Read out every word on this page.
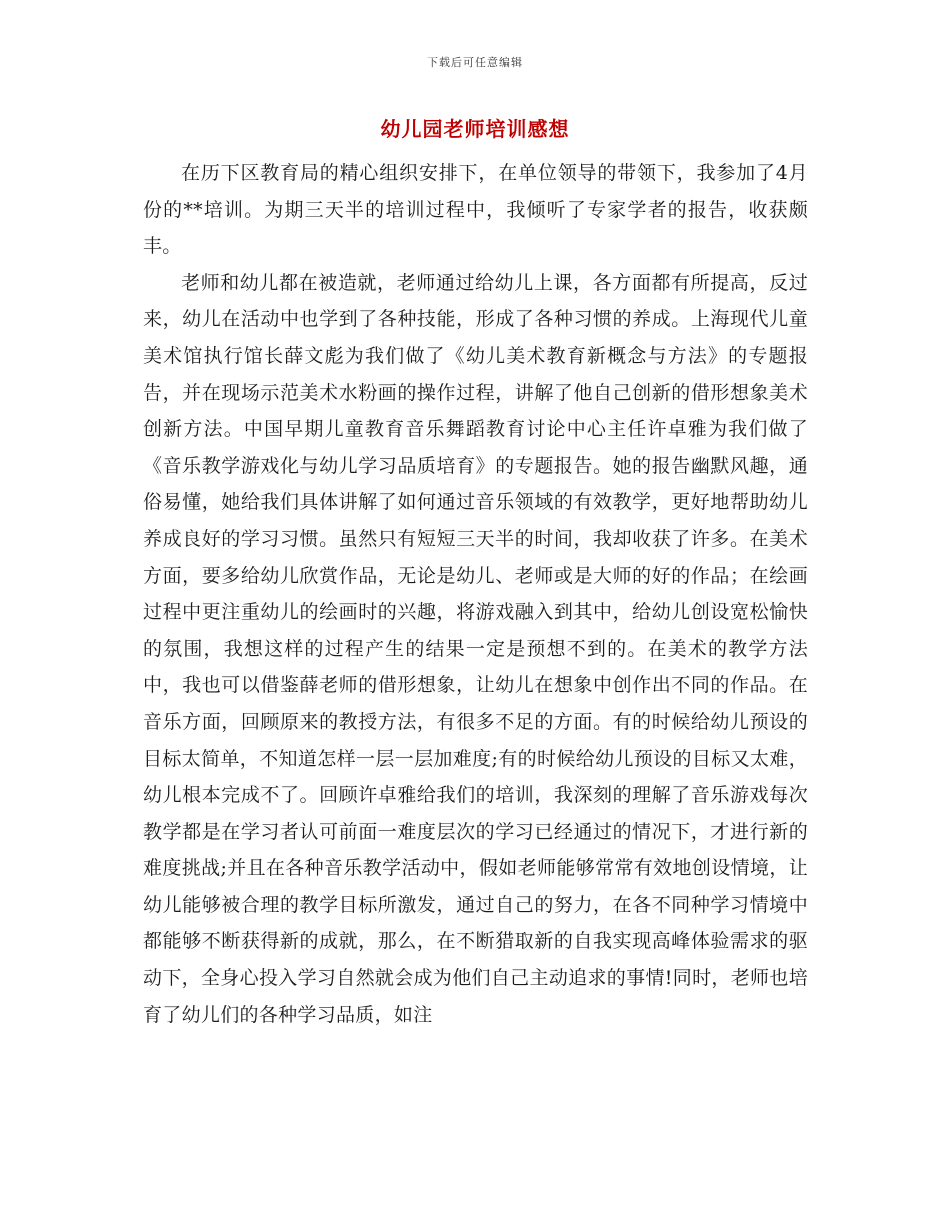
下载后可任意编辑
幼儿园老师培训感想

在历下区教育局的精心组织安排下，在单位领导的带领下，我参加了4月份的**培训。为期三天半的培训过程中，我倾听了专家学者的报告，收获颇丰。

老师和幼儿都在被造就，老师通过给幼儿上课，各方面都有所提高，反过来，幼儿在活动中也学到了各种技能，形成了各种习惯的养成。上海现代儿童美术馆执行馆长薛文彪为我们做了《幼儿美术教育新概念与方法》的专题报告，并在现场示范美术水粉画的操作过程，讲解了他自己创新的借形想象美术创新方法。中国早期儿童教育音乐舞蹈教育讨论中心主任许卓雅为我们做了《音乐教学游戏化与幼儿学习品质培育》的专题报告。她的报告幽默风趣，通俗易懂，她给我们具体讲解了如何通过音乐领域的有效教学，更好地帮助幼儿养成良好的学习习惯。虽然只有短短三天半的时间，我却收获了许多。在美术方面，要多给幼儿欣赏作品，无论是幼儿、老师或是大师的好的作品；在绘画过程中更注重幼儿的绘画时的兴趣，将游戏融入到其中，给幼儿创设宽松愉快的氛围，我想这样的过程产生的结果一定是预想不到的。在美术的教学方法中，我也可以借鉴薛老师的借形想象，让幼儿在想象中创作出不同的作品。在音乐方面，回顾原来的教授方法，有很多不足的方面。有的时候给幼儿预设的目标太简单，不知道怎样一层一层加难度;有的时候给幼儿预设的目标又太难，幼儿根本完成不了。回顾许卓雅给我们的培训，我深刻的理解了音乐游戏每次教学都是在学习者认可前面一难度层次的学习已经通过的情况下，才进行新的难度挑战;并且在各种音乐教学活动中，假如老师能够常常有效地创设情境，让幼儿能够被合理的教学目标所激发，通过自己的努力，在各不同种学习情境中都能够不断获得新的成就，那么，在不断猎取新的自我实现高峰体验需求的驱动下，全身心投入学习自然就会成为他们自己主动追求的事情!同时，老师也培育了幼儿们的各种学习品质，如注
